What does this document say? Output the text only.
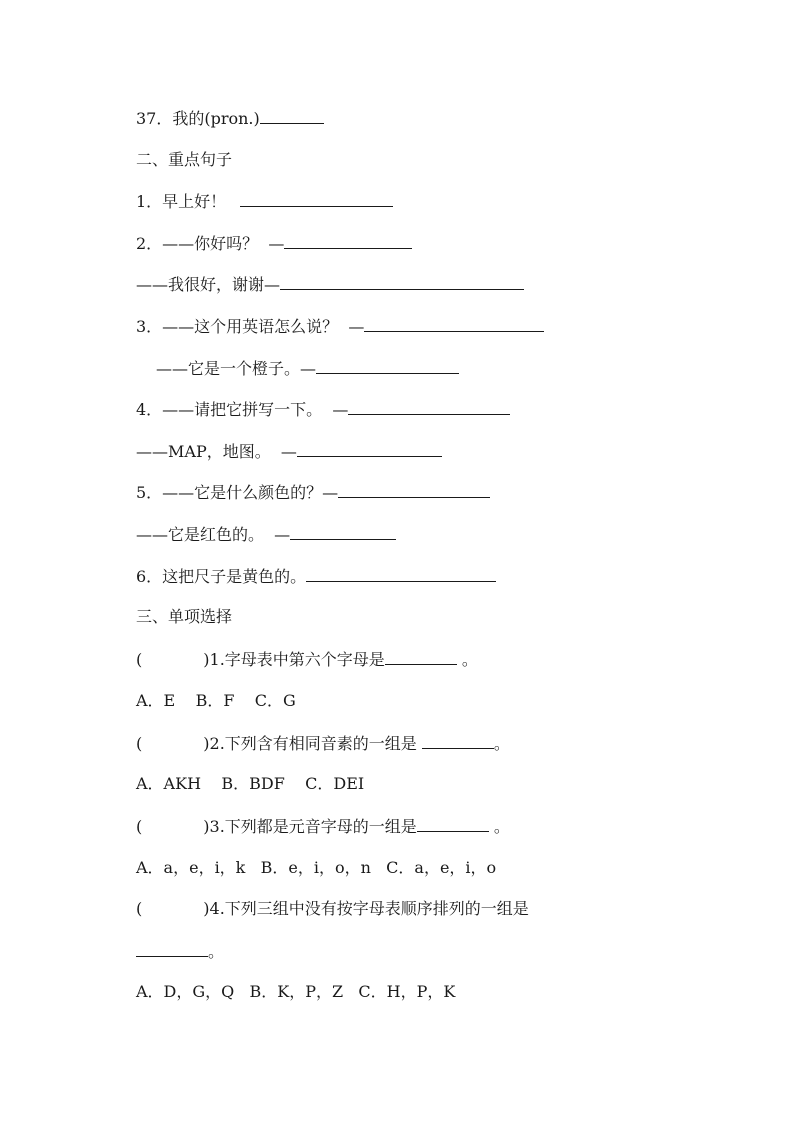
37．我的(pron.)
二、重点句子
1．早上好！
2．——你好吗？  —
——我很好，谢谢—
3．——这个用英语怎么说？  —
——它是一个橙子。—
4．——请把它拼写一下。  —
——MAP，地图。  —
5．——它是什么颜色的？—
——它是红色的。  —
6．这把尺子是黄色的。
三、单项选择
(            )1.字母表中第六个字母是	。
A．E    B．F    C．G
(            )2.下列含有相同音素的一组是	。
A．AKH    B．BDF    C．DEI
(            )3.下列都是元音字母的一组是	。
A．a，e，i，k   B．e，i，o，n   C．a，e，i，o
(            )4.下列三组中没有按字母表顺序排列的一组是
。
A．D，G，Q   B．K，P，Z   C．H，P，K
